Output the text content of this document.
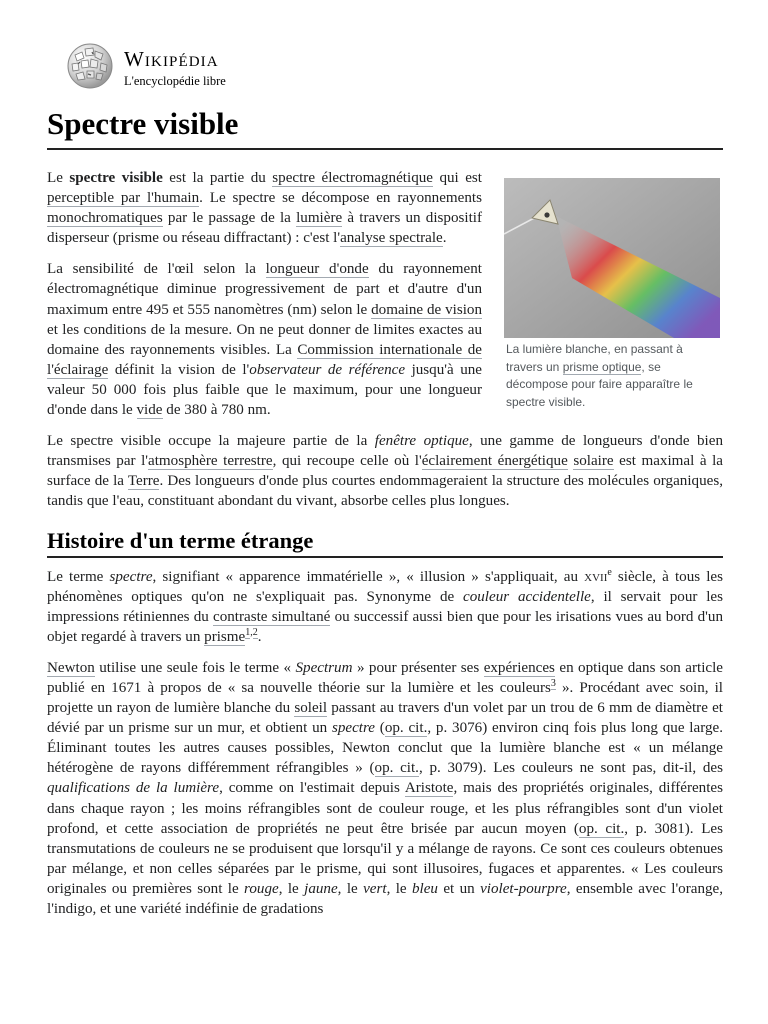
WIKIPÉDIA
L'encyclopédie libre
Spectre visible
La lumière blanche, en passant à travers un prisme optique, se décompose pour faire apparaître le spectre visible.

Le spectre visible est la partie du spectre électromagnétique qui est perceptible par l'humain. Le spectre se décompose en rayonnements monochromatiques par le passage de la lumière à travers un dispositif disperseur (prisme ou réseau diffractant) : c'est l'analyse spectrale.

La sensibilité de l'œil selon la longueur d'onde du rayonnement électromagnétique diminue progressivement de part et d'autre d'un maximum entre 495 et 555 nanomètres (nm) selon le domaine de vision et les conditions de la mesure. On ne peut donner de limites exactes au domaine des rayonnements visibles. La Commission internationale de l'éclairage définit la vision de l'observateur de référence jusqu'à une valeur 50 000 fois plus faible que le maximum, pour une longueur d'onde dans le vide de 380 à 780 nm.

Le spectre visible occupe la majeure partie de la fenêtre optique, une gamme de longueurs d'onde bien transmises par l'atmosphère terrestre, qui recoupe celle où l'éclairement énergétique solaire est maximal à la surface de la Terre. Des longueurs d'onde plus courtes endommageraient la structure des molécules organiques, tandis que l'eau, constituant abondant du vivant, absorbe celles plus longues.

Histoire d'un terme étrange

Le terme spectre, signifiant « apparence immatérielle », « illusion » s'appliquait, au xvii$^e$ siècle, à tous les phénomènes optiques qu'on ne s'expliquait pas. Synonyme de couleur accidentelle, il servait pour les impressions rétiniennes du contraste simultané ou successif aussi bien que pour les irisations vues au bord d'un objet regardé à travers un prisme$^{1,2}$.

Newton utilise une seule fois le terme « Spectrum » pour présenter ses expériences en optique dans son article publié en 1671 à propos de « sa nouvelle théorie sur la lumière et les couleurs$^3$ ». Procédant avec soin, il projette un rayon de lumière blanche du soleil passant au travers d'un volet par un trou de 6 mm de diamètre et dévié par un prisme sur un mur, et obtient un spectre (op. cit., p. 3076) environ cinq fois plus long que large. Éliminant toutes les autres causes possibles, Newton conclut que la lumière blanche est « un mélange hétérogène de rayons différemment réfrangibles » (op. cit., p. 3079). Les couleurs ne sont pas, dit-il, des qualifications de la lumière, comme on l'estimait depuis Aristote, mais des propriétés originales, différentes dans chaque rayon ; les moins réfrangibles sont de couleur rouge, et les plus réfrangibles sont d'un violet profond, et cette association de propriétés ne peut être brisée par aucun moyen (op. cit., p. 3081). Les transmutations de couleurs ne se produisent que lorsqu'il y a mélange de rayons. Ce sont ces couleurs obtenues par mélange, et non celles séparées par le prisme, qui sont illusoires, fugaces et apparentes. « Les couleurs originales ou premières sont le rouge, le jaune, le vert, le bleu et un violet-pourpre, ensemble avec l'orange, l'indigo, et une variété indéfinie de gradations
